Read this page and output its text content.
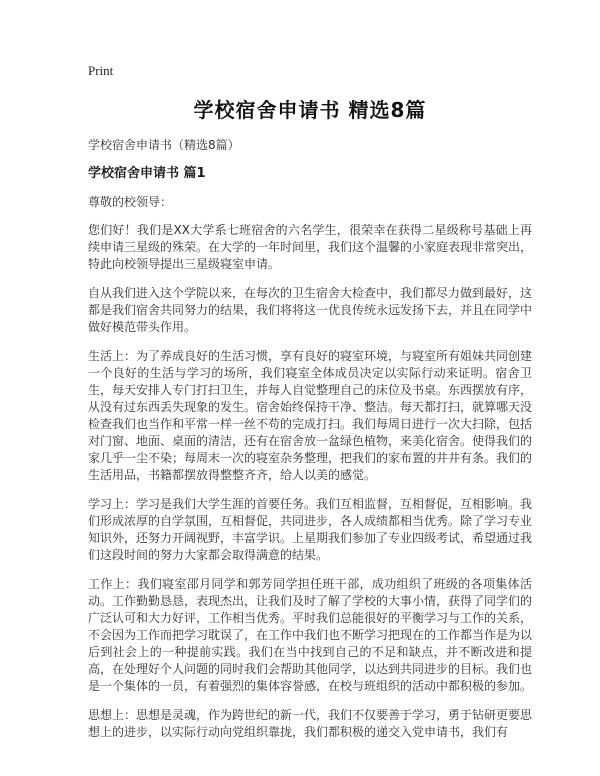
Print
学校宿舍申请书 精选8篇
学校宿舍申请书（精选8篇）
学校宿舍申请书 篇1
尊敬的校领导：

您们好！我们是XX大学系七班宿舍的六名学生，很荣幸在获得二星级称号基础上再续申请三星级的殊荣。在大学的一年时间里，我们这个温馨的小家庭表现非常突出，特此向校领导提出三星级寝室申请。

自从我们进入这个学院以来，在每次的卫生宿舍大检查中，我们都尽力做到最好，这都是我们宿舍共同努力的结果，我们将将这一优良传统永远发扬下去，并且在同学中做好模范带头作用。

生活上：为了养成良好的生活习惯，享有良好的寝室环境，与寝室所有姐妹共同创建一个良好的生活与学习的场所，我们寝室全体成员决定以实际行动来证明。宿舍卫生，每天安排人专门打扫卫生，并每人自觉整理自己的床位及书桌。东西摆放有序，从没有过东西丢失现象的发生。宿舍始终保持干净、整洁。每天都打扫，就算哪天没检查我们也当作和平常一样一丝不苟的完成打扫。我们每周日进行一次大扫除，包括对门窗、地面、桌面的清洁，还有在宿舍放一盆绿色植物，来美化宿舍。使得我们的家几乎一尘不染；每周末一次的寝室杂务整理，把我们的家布置的井井有条。我们的生活用品，书籍都摆放得整整齐齐，给人以美的感觉。

学习上：学习是我们大学生涯的首要任务。我们互相监督，互相督促，互相影响。我们形成浓厚的自学氛围，互相督促，共同进步，各人成绩都相当优秀。除了学习专业知识外，还努力开阔视野，丰富学识。上星期我们参加了专业四级考试，希望通过我们这段时间的努力大家都会取得满意的结果。

工作上：我们寝室邵月同学和郭芳同学担任班干部，成功组织了班级的各项集体活动。工作勤勤恳恳，表现杰出，让我们及时了解了学校的大事小情，获得了同学们的广泛认可和大力好评，工作相当优秀。平时我们总能很好的平衡学习与工作的关系，不会因为工作而把学习耽误了，在工作中我们也不断学习把现在的工作都当作是为以后到社会上的一种提前实践。我们在当中找到自己的不足和缺点，并不断改进和提高，在处理好个人问题的同时我们会帮助其他同学，以达到共同进步的目标。我们也是一个集体的一员，有着强烈的集体容誉感，在校与班组织的活动中都积极的参加。

思想上：思想是灵魂，作为跨世纪的新一代，我们不仅要善于学习，勇于钻研更要思想上的进步，以实际行动向党组织靠拢，我们都积极的递交入党申请书，我们有
